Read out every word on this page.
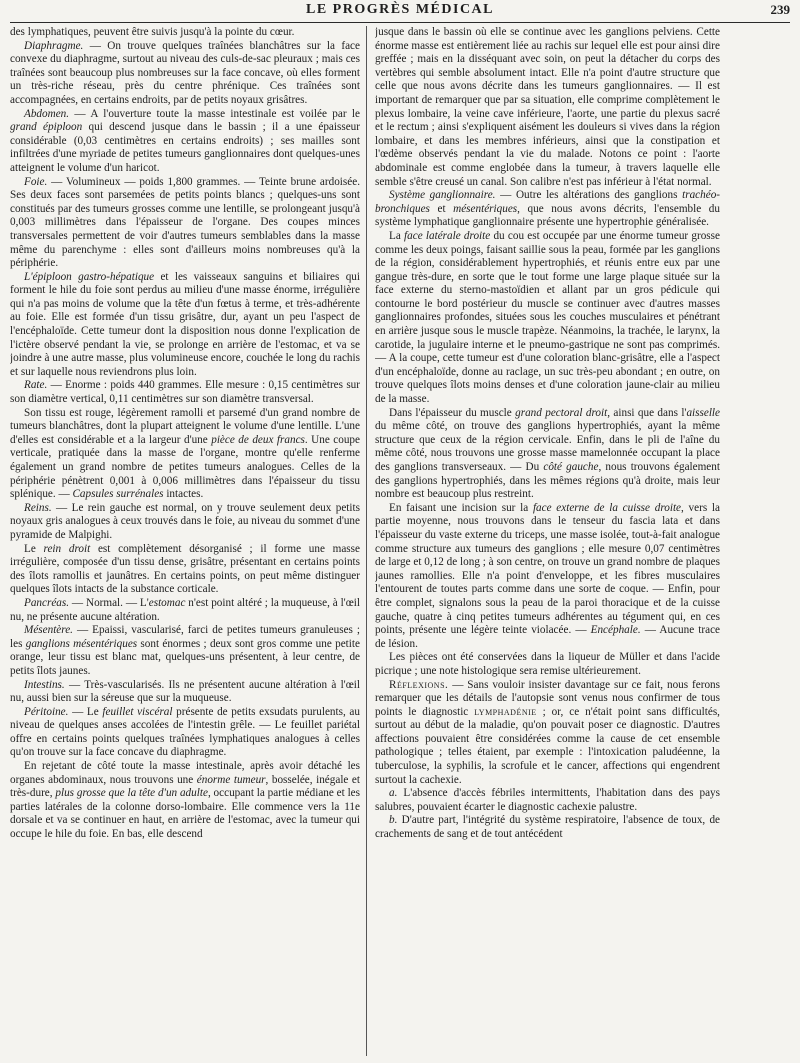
LE PROGRÈS MÉDICAL	239

des lymphatiques, peuvent être suivis jusqu'à la pointe du cœur.

Diaphragme. — On trouve quelques traînées blanchâtres sur la face convexe du diaphragme, surtout au niveau des culs-de-sac pleuraux ; mais ces traînées sont beaucoup plus nombreuses sur la face concave, où elles forment un très-riche réseau, près du centre phrénique. Ces traînées sont accompagnées, en certains endroits, par de petits noyaux grisâtres.

Abdomen. — A l'ouverture toute la masse intestinale est voilée par le grand épiploon qui descend jusque dans le bassin ; il a une épaisseur considérable (0,03 centimètres en certains endroits) ; ses mailles sont infiltrées d'une myriade de petites tumeurs ganglionnaires dont quelques-unes atteignent le volume d'un haricot.

Foie. — Volumineux — poids 1,800 grammes. — Teinte brune ardoisée. Ses deux faces sont parsemées de petits points blancs ; quelques-uns sont constitués par des tumeurs grosses comme une lentille, se prolongeant jusqu'à 0,003 millimètres dans l'épaisseur de l'organe. Des coupes minces transversales permettent de voir d'autres tumeurs semblables dans la masse même du parenchyme : elles sont d'ailleurs moins nombreuses qu'à la périphérie.

L'épiploon gastro-hépatique et les vaisseaux sanguins et biliaires qui forment le hile du foie sont perdus au milieu d'une masse énorme, irrégulière qui n'a pas moins de volume que la tête d'un fœtus à terme, et très-adhérente au foie. Elle est formée d'un tissu grisâtre, dur, ayant un peu l'aspect de l'encéphaloïde. Cette tumeur dont la disposition nous donne l'explication de l'ictère observé pendant la vie, se prolonge en arrière de l'estomac, et va se joindre à une autre masse, plus volumineuse encore, couchée le long du rachis et sur laquelle nous reviendrons plus loin.

Rate. — Enorme : poids 440 grammes. Elle mesure : 0,15 centimètres sur son diamètre vertical, 0,11 centimètres sur son diamètre transversal.

Son tissu est rouge, légèrement ramolli et parsemé d'un grand nombre de tumeurs blanchâtres, dont la plupart atteignent le volume d'une lentille. L'une d'elles est considérable et a la largeur d'une pièce de deux francs. Une coupe verticale, pratiquée dans la masse de l'organe, montre qu'elle renferme également un grand nombre de petites tumeurs analogues. Celles de la périphérie pénètrent 0,001 à 0,006 millimètres dans l'épaisseur du tissu splénique. — Capsules surrénales intactes.

Reins. — Le rein gauche est normal, on y trouve seulement deux petits noyaux gris analogues à ceux trouvés dans le foie, au niveau du sommet d'une pyramide de Malpighi.

Le rein droit est complètement désorganisé ; il forme une masse irrégulière, composée d'un tissu dense, grisâtre, présentant en certains points des îlots ramollis et jaunâtres. En certains points, on peut même distinguer quelques îlots intacts de la substance corticale.

Pancréas. — Normal. — L'estomac n'est point altéré ; la muqueuse, à l'œil nu, ne présente aucune altération.

Mésentère. — Epaissi, vascularisé, farci de petites tumeurs granuleuses ; les ganglions mésentériques sont énormes ; deux sont gros comme une petite orange, leur tissu est blanc mat, quelques-uns présentent, à leur centre, de petits îlots jaunes.

Intestins. — Très-vascularisés. Ils ne présentent aucune altération à l'œil nu, aussi bien sur la séreuse que sur la muqueuse.

Péritoine. — Le feuillet viscéral présente de petits exsudats purulents, au niveau de quelques anses accolées de l'intestin grêle. — Le feuillet pariétal offre en certains points quelques traînées lymphatiques analogues à celles qu'on trouve sur la face concave du diaphragme.

En rejetant de côté toute la masse intestinale, après avoir détaché les organes abdominaux, nous trouvons une énorme tumeur, bosselée, inégale et très-dure, plus grosse que la tête d'un adulte, occupant la partie médiane et les parties latérales de la colonne dorso-lombaire. Elle commence vers la 11e dorsale et va se continuer en haut, en arrière de l'estomac, avec la tumeur qui occupe le hile du foie. En bas, elle descend

jusque dans le bassin où elle se continue avec les ganglions pelviens. Cette énorme masse est entièrement liée au rachis sur lequel elle est pour ainsi dire greffée ; mais en la disséquant avec soin, on peut la détacher du corps des vertèbres qui semble absolument intact. Elle n'a point d'autre structure que celle que nous avons décrite dans les tumeurs ganglionnaires. — Il est important de remarquer que par sa situation, elle comprime complètement le plexus lombaire, la veine cave inférieure, l'aorte, une partie du plexus sacré et le rectum ; ainsi s'expliquent aisément les douleurs si vives dans la région lombaire, et dans les membres inférieurs, ainsi que la constipation et l'œdème observés pendant la vie du malade. Notons ce point : l'aorte abdominale est comme englobée dans la tumeur, à travers laquelle elle semble s'être creusé un canal. Son calibre n'est pas inférieur à l'état normal.

Système ganglionnaire. — Outre les altérations des ganglions trachéo-bronchiques et mésentériques, que nous avons décrits, l'ensemble du système lymphatique ganglionnaire présente une hypertrophie généralisée.

La face latérale droite du cou est occupée par une énorme tumeur grosse comme les deux poings, faisant saillie sous la peau, formée par les ganglions de la région, considérablement hypertrophiés, et réunis entre eux par une gangue très-dure, en sorte que le tout forme une large plaque située sur la face externe du sterno-mastoïdien et allant par un gros pédicule qui contourne le bord postérieur du muscle se continuer avec d'autres masses ganglionnaires profondes, situées sous les couches musculaires et pénétrant en arrière jusque sous le muscle trapèze. Néanmoins, la trachée, le larynx, la carotide, la jugulaire interne et le pneumo-gastrique ne sont pas comprimés. — A la coupe, cette tumeur est d'une coloration blanc-grisâtre, elle a l'aspect d'un encéphaloïde, donne au raclage, un suc très-peu abondant ; en outre, on trouve quelques îlots moins denses et d'une coloration jaune-clair au milieu de la masse.

Dans l'épaisseur du muscle grand pectoral droit, ainsi que dans l'aisselle du même côté, on trouve des ganglions hypertrophiés, ayant la même structure que ceux de la région cervicale. Enfin, dans le pli de l'aîne du même côté, nous trouvons une grosse masse mamelonnée occupant la place des ganglions transverseaux. — Du côté gauche, nous trouvons également des ganglions hypertrophiés, dans les mêmes régions qu'à droite, mais leur nombre est beaucoup plus restreint.

En faisant une incision sur la face externe de la cuisse droite, vers la partie moyenne, nous trouvons dans le tenseur du fascia lata et dans l'épaisseur du vaste externe du triceps, une masse isolée, tout-à-fait analogue comme structure aux tumeurs des ganglions ; elle mesure 0,07 centimètres de large et 0,12 de long ; à son centre, on trouve un grand nombre de plaques jaunes ramollies. Elle n'a point d'enveloppe, et les fibres musculaires l'entourent de toutes parts comme dans une sorte de coque. — Enfin, pour être complet, signalons sous la peau de la paroi thoracique et de la cuisse gauche, quatre à cinq petites tumeurs adhérentes au tégument qui, en ces points, présente une légère teinte violacée. — Encéphale. — Aucune trace de lésion.

Les pièces ont été conservées dans la liqueur de Müller et dans l'acide picrique ; une note histologique sera remise ultérieurement.

Réflexions. — Sans vouloir insister davantage sur ce fait, nous ferons remarquer que les détails de l'autopsie sont venus nous confirmer de tous points le diagnostic lymphadénie ; or, ce n'était point sans difficultés, surtout au début de la maladie, qu'on pouvait poser ce diagnostic. D'autres affections pouvaient être considérées comme la cause de cet ensemble pathologique ; telles étaient, par exemple : l'intoxication paludéenne, la tuberculose, la syphilis, la scrofule et le cancer, affections qui engendrent surtout la cachexie.

a. L'absence d'accès fébriles intermittents, l'habitation dans des pays salubres, pouvaient écarter le diagnostic cachexie palustre.

b. D'autre part, l'intégrité du système respiratoire, l'absence de toux, de crachements de sang et de tout antécédent
